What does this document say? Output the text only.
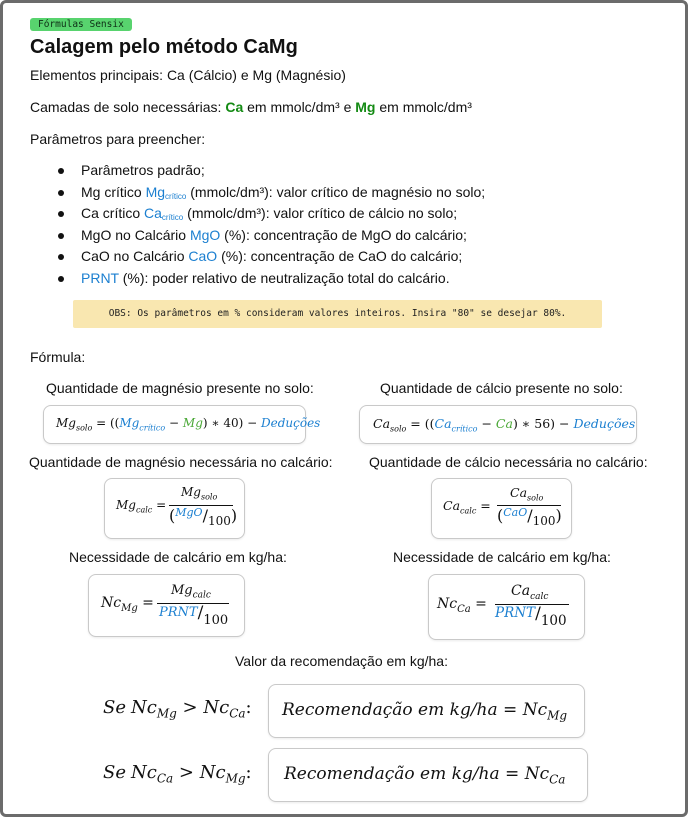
Fórmulas Sensix
Calagem pelo método CaMg
Elementos principais: Ca (Cálcio) e Mg (Magnésio)
Camadas de solo necessárias: Ca em mmolc/dm³ e Mg em mmolc/dm³
Parâmetros para preencher:
Parâmetros padrão;
Mg crítico $Mg_{crítico}$ (mmolc/dm³): valor crítico de magnésio no solo;
Ca crítico $Ca_{crítico}$ (mmolc/dm³): valor crítico de cálcio no solo;
MgO no Calcário MgO (%): concentração de MgO do calcário;
CaO no Calcário CaO (%): concentração de CaO do calcário;
PRNT (%): poder relativo de neutralização total do calcário.
OBS: Os parâmetros em % consideram valores inteiros. Insira "80" se desejar 80%.
Fórmula:
Quantidade de magnésio presente no solo:	Quantidade de cálcio presente no solo:
$Mg_{solo} = ((Mg_{crítico} - Mg)$ ∗ 40) − Deduções	$Ca_{solo} = ((Ca_{crítico} - Ca)$ ∗ 56) − Deduções
Quantidade de magnésio necessária no calcário:	Quantidade de cálcio necessária no calcário:
$Mg_{calc}$ =
$Mg_{solo}$
(MgO/100)
$Ca_{calc}$ =
$Ca_{solo}$
(CaO/100)
Necessidade de calcário em kg/ha:	Necessidade de calcário em kg/ha:
$Nc_{Mg}$ =
$Mg_{calc}$
PRNT/100
$Nc_{Ca}$ =
$Ca_{calc}$
PRNT/100
Valor da recomendação em kg/ha:
Se $Nc_{Mg} > Nc_{Ca}$: Recomendação em $kg/ha = Nc_{Mg}$
Se $Nc_{Ca} > Nc_{Mg}$: Recomendação em $kg/ha = Nc_{Ca}$
